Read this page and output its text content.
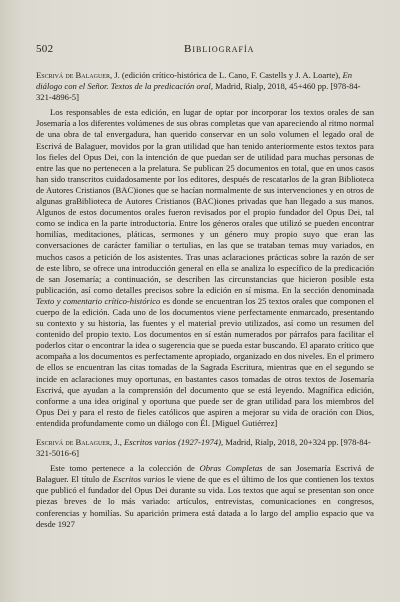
502	Bibliografía
Escrivá de Balaguer, J. (edición crítico-histórica de L. Cano, F. Castells y J. A. Loarte), En diálogo con el Señor. Textos de la predicación oral, Madrid, Rialp, 2018, 45+460 pp. [978-84-321-4896-5]

Los responsables de esta edición, en lugar de optar por incorporar los textos orales de san Josemaría a los diferentes volúmenes de sus obras completas que van apareciendo al ritmo normal de una obra de tal envergadura, han querido conservar en un solo volumen el legado oral de Escrivá de Balaguer, movidos por la gran utilidad que han tenido anteriormente estos textos para los fieles del Opus Dei, con la intención de que puedan ser de utilidad para muchas personas de entre las que no pertenecen a la prelatura. Se publican 25 documentos en total, que en unos casos han sido transcritos cuidadosamente por los editores, después de rescatarlos de la gran Biblioteca de Autores Cristianos (BAC)iones que se hacían normalmente de sus intervenciones y en otros de algunas graBiblioteca de Autores Cristianos (BAC)iones privadas que han llegado a sus manos. Algunos de estos documentos orales fueron revisados por el propio fundador del Opus Dei, tal como se indica en la parte introductoria. Entre los géneros orales que utilizó se pueden encontrar homilías, meditaciones, pláticas, sermones y un género muy propio suyo que eran las conversaciones de carácter familiar o tertulias, en las que se trataban temas muy variados, en muchos casos a petición de los asistentes. Tras unas aclaraciones prácticas sobre la razón de ser de este libro, se ofrece una introducción general en ella se analiza lo específico de la predicación de san Josemaría; a continuación, se describen las circunstancias que hicieron posible esta publicación, así como detalles precisos sobre la edición en sí misma. En la sección denominada Texto y comentario crítico-histórico es donde se encuentran los 25 textos orales que componen el cuerpo de la edición. Cada uno de los documentos viene perfectamente enmarcado, presentando su contexto y su historia, las fuentes y el material previo utilizados, así como un resumen del contenido del propio texto. Los documentos en sí están numerados por párrafos para facilitar el poderlos citar o encontrar la idea o sugerencia que se pueda estar buscando. El aparato crítico que acompaña a los documentos es perfectamente apropiado, organizado en dos niveles. En el primero de ellos se encuentran las citas tomadas de la Sagrada Escritura, mientras que en el segundo se incide en aclaraciones muy oportunas, en bastantes casos tomadas de otros textos de Josemaría Escrivá, que ayudan a la comprensión del documento que se está leyendo. Magnífica edición, conforme a una idea original y oportuna que puede ser de gran utilidad para los miembros del Opus Dei y para el resto de fieles católicos que aspiren a mejorar su vida de oración con Dios, entendida profundamente como un diálogo con Él. [Miguel Gutiérrez]

Escrivá de Balaguer, J., Escritos varios (1927-1974), Madrid, Rialp, 2018, 20+324 pp. [978-84-321-5016-6]

Este tomo pertenece a la colección de Obras Completas de san Josemaría Escrivá de Balaguer. El título de Escritos varios le viene de que es el último de los que contienen los textos que publicó el fundador del Opus Dei durante su vida. Los textos que aquí se presentan son once piezas breves de lo más variado: artículos, entrevistas, comunicaciones en congresos, conferencias y homilías. Su aparición primera está datada a lo largo del amplio espacio que va desde 1927
